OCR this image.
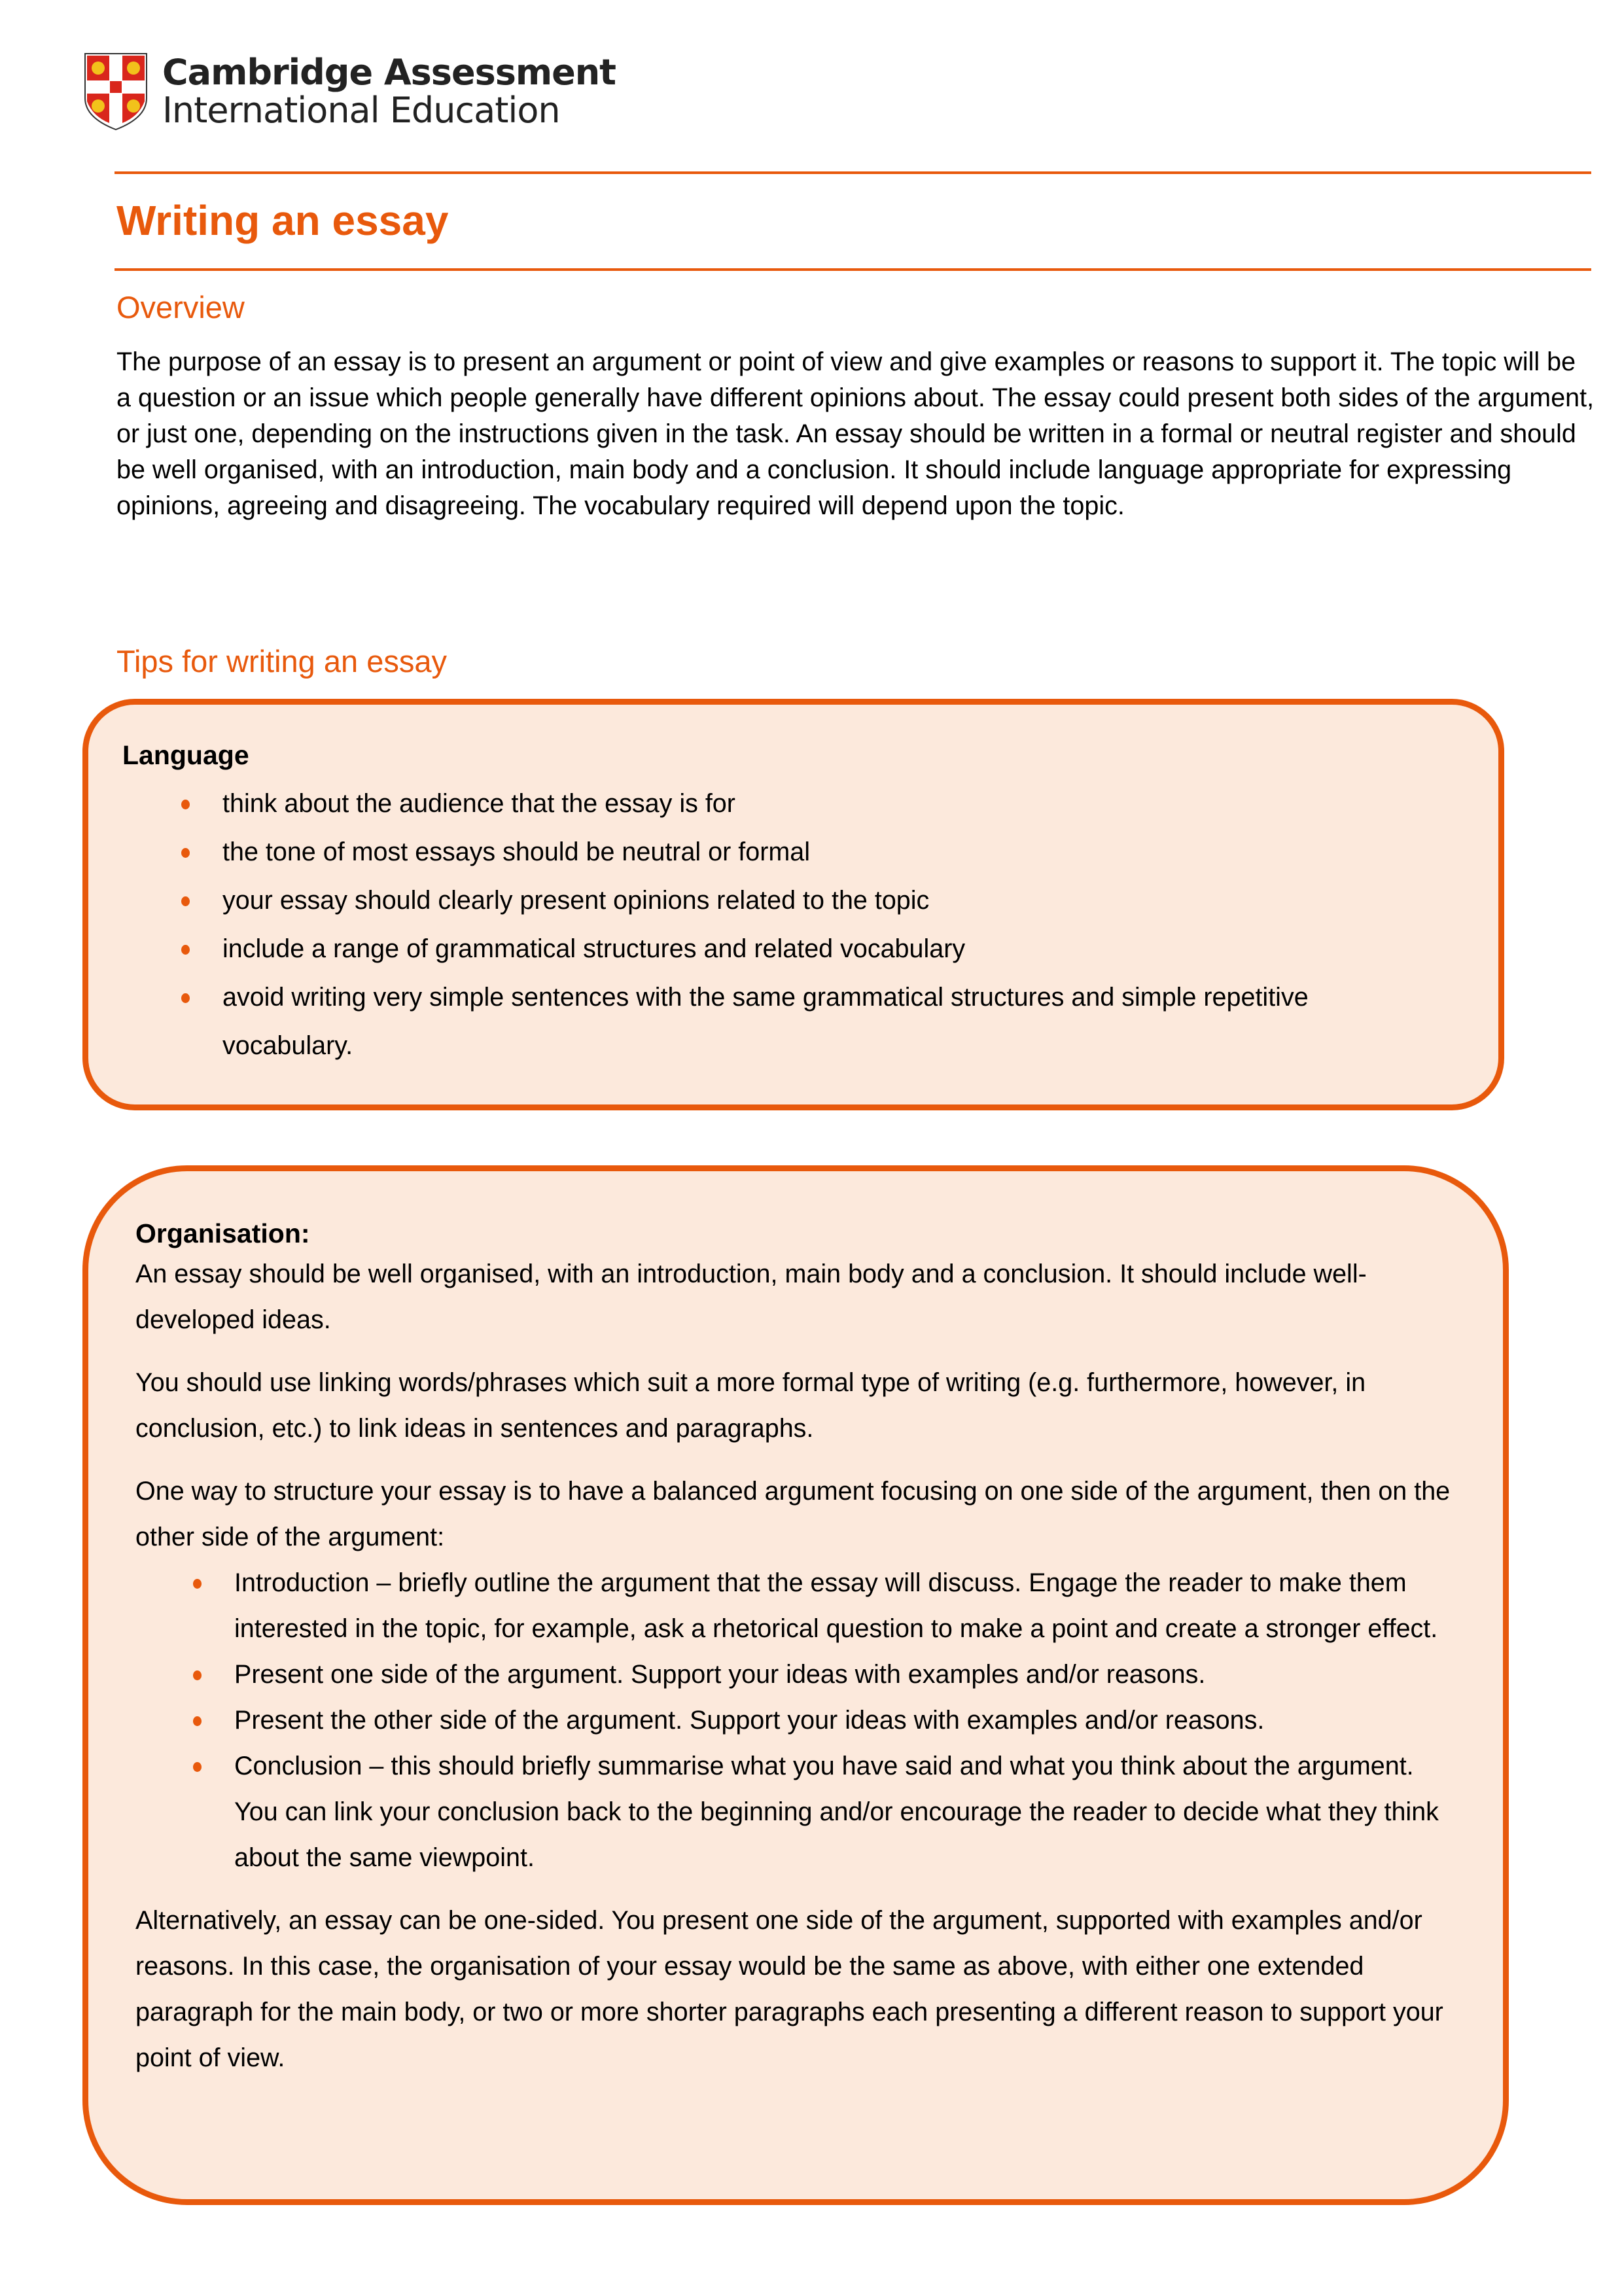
Cambridge Assessment
International Education
Writing an essay
Overview
The purpose of an essay is to present an argument or point of view and give examples or reasons to support it. The topic will be a question or an issue which people generally have different opinions about. The essay could present both sides of the argument, or just one, depending on the instructions given in the task. An essay should be written in a formal or neutral register and should be well organised, with an introduction, main body and a conclusion. It should include language appropriate for expressing opinions, agreeing and disagreeing. The vocabulary required will depend upon the topic.
Tips for writing an essay
Language
think about the audience that the essay is for
the tone of most essays should be neutral or formal
your essay should clearly present opinions related to the topic
include a range of grammatical structures and related vocabulary
avoid writing very simple sentences with the same grammatical structures and simple repetitive vocabulary.
Organisation:

An essay should be well organised, with an introduction, main body and a conclusion. It should include well-developed ideas.

You should use linking words/phrases which suit a more formal type of writing (e.g. furthermore, however, in conclusion, etc.) to link ideas in sentences and paragraphs.

One way to structure your essay is to have a balanced argument focusing on one side of the argument, then on the other side of the argument:

Introduction – briefly outline the argument that the essay will discuss. Engage the reader to make them interested in the topic, for example, ask a rhetorical question to make a point and create a stronger effect.
Present one side of the argument. Support your ideas with examples and/or reasons.
Present the other side of the argument. Support your ideas with examples and/or reasons.
Conclusion – this should briefly summarise what you have said and what you think about the argument. You can link your conclusion back to the beginning and/or encourage the reader to decide what they think about the same viewpoint.

Alternatively, an essay can be one-sided. You present one side of the argument, supported with examples and/or reasons. In this case, the organisation of your essay would be the same as above, with either one extended paragraph for the main body, or two or more shorter paragraphs each presenting a different reason to support your point of view.
